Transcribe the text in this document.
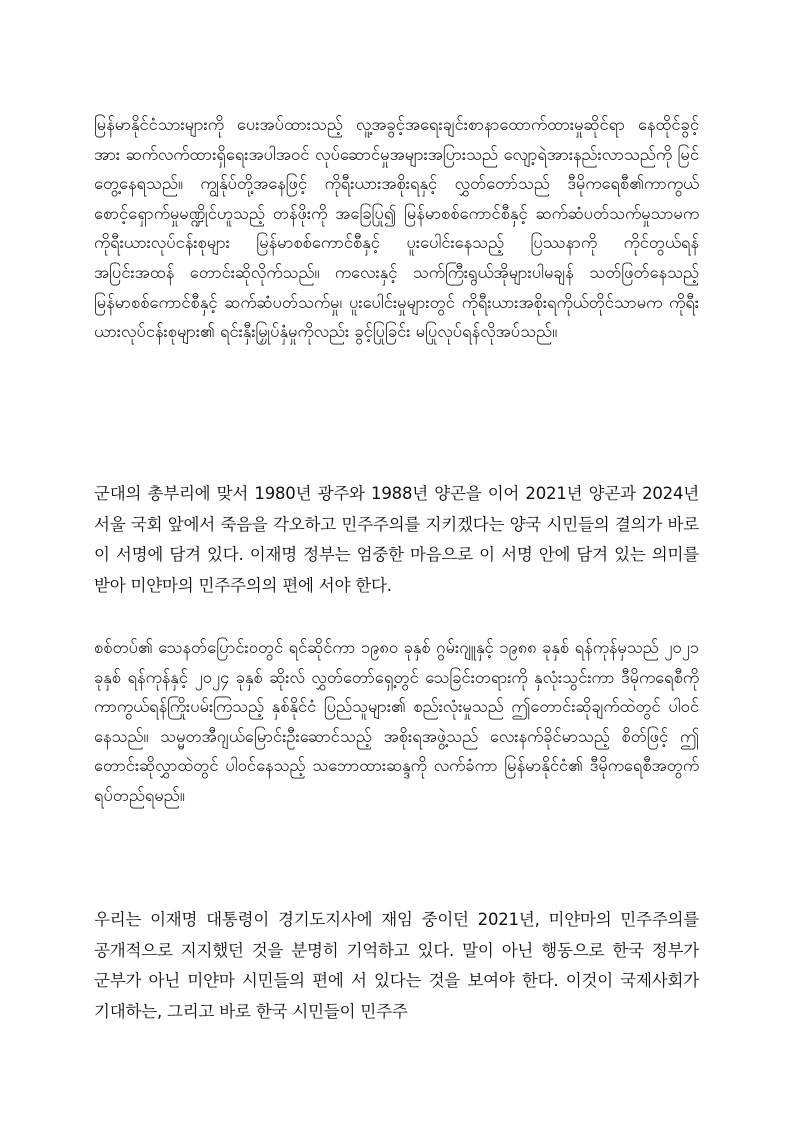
မြန်မာနိုင်ငံသားများကို ပေးအပ်ထားသည့် လူ့အခွင့်အရေး​ချင်းစာနာထောက်ထားမှုဆိုင်ရာ နေထိုင်ခွင့်အား ဆက်လက်ထားရှိရေးအပါအဝင် လုပ်ဆောင်မှုအများအပြားသည် လျော့ရဲအားနည်းလာသည်ကို မြင်တွေ့နေရသည်။ ကျွန်ုပ်တို့အနေဖြင့် ကိုရီးယားအစိုးရနှင့် လွှတ်တော်သည် ဒီမိုကရေစီ၏ကာကွယ်စောင့်ရှောက်မှုမဏ္ဍိုင်ဟူသည့် တန်ဖိုးကို အခြေပြု၍ မြန်မာစစ်ကောင်စီနှင့် ဆက်ဆံပတ်သက်မှုသာမက ကိုရီးယားလုပ်ငန်းစုများ မြန်မာစစ်ကောင်စီနှင့် ပူးပေါင်းနေသည့် ပြဿနာကို ကိုင်တွယ်ရန် အပြင်းအထန် တောင်းဆိုလိုက်သည်။ ကလေးနှင့် သက်ကြီးရွယ်အိုများပါမချန် သတ်ဖြတ်နေသည့် မြန်မာစစ်ကောင်စီနှင့် ဆက်ဆံပတ်သက်မှု၊ ပူးပေါင်းမှုများတွင် ကိုရီးယားအစိုးရကိုယ်တိုင်သာမက ကိုရီးယားလုပ်ငန်းစုများ၏ ရင်းနှီးမြှုပ်နှံမှုကိုလည်း ခွင့်ပြုခြင်း မပြုလုပ်ရန်လိုအပ်သည်။

군대의 총부리에 맞서 1980년 광주와 1988년 양곤을 이어 2021년 양곤과 2024년 서울 국회 앞에서 죽음을 각오하고 민주주의를 지키겠다는 양국 시민들의 결의가 바로 이 서명에 담겨 있다. 이재명 정부는 엄중한 마음으로 이 서명 안에 담겨 있는 의미를 받아 미얀마의 민주주의의 편에 서야 한다.

စစ်တပ်၏ သေနတ်ပြောင်းဝတွင် ရင်ဆိုင်ကာ ၁၉၈၀ ခုနှစ် ဂွမ်းဂျူနှင့် ၁၉၈၈ ခုနှစ် ရန်ကုန်မှသည် ၂၀၂၁ ခုနှစ် ရန်ကုန်နှင့် ၂၀၂၄ ခုနှစ် ဆိုးလ် လွှတ်တော်ရှေ့တွင် သေခြင်းတရားကို နှလုံးသွင်းကာ ဒီမိုကရေစီကိုကာကွယ်ရန်ကြိုးပမ်းကြသည့် နှစ်နိုင်ငံ ပြည်သူများ၏ စည်းလုံးမှုသည် ဤတောင်းဆိုချက်ထဲတွင် ပါဝင်နေသည်။ သမ္မတအီဂျယ်မြောင်းဦးဆောင်သည့် အစိုးရအဖွဲ့သည် လေးနက်ခိုင်မာသည့် စိတ်ဖြင့် ဤတောင်းဆိုလွှာထဲတွင် ပါဝင်နေသည့် သဘောထားဆန္ဒကို လက်ခံကာ မြန်မာနိုင်ငံ၏ ဒီမိုကရေစီအတွက် ရပ်တည်ရမည်။

우리는 이재명 대통령이 경기도지사에 재임 중이던 2021년, 미얀마의 민주주의를 공개적으로 지지했던 것을 분명히 기억하고 있다. 말이 아닌 행동으로 한국 정부가 군부가 아닌 미얀마 시민들의 편에 서 있다는 것을 보여야 한다. 이것이 국제사회가 기대하는, 그리고 바로 한국 시민들이 민주주
